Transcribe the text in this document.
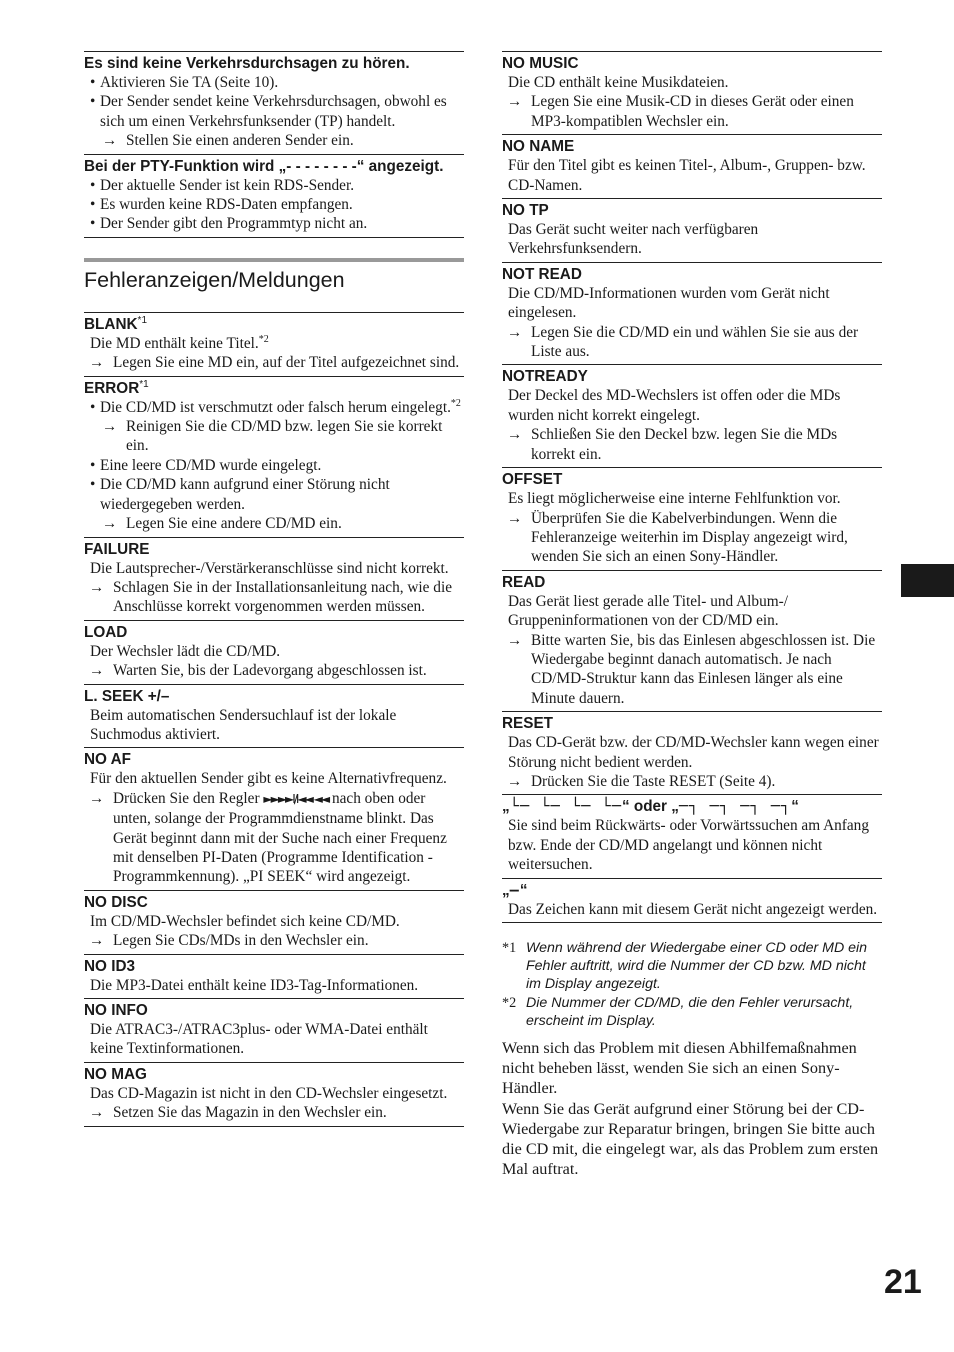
Es sind keine Verkehrsdurchsagen zu hören.
• Aktivieren Sie TA (Seite 10).
• Der Sender sendet keine Verkehrsdurchsagen, obwohl es sich um einen Verkehrsfunksender (TP) handelt.
→ Stellen Sie einen anderen Sender ein.
Bei der PTY-Funktion wird „- - - - - - - -“ angezeigt.
• Der aktuelle Sender ist kein RDS-Sender.
• Es wurden keine RDS-Daten empfangen.
• Der Sender gibt den Programmtyp nicht an.
Fehleranzeigen/Meldungen
BLANK$^{*1}$
Die MD enthält keine Titel.$^{*2}$
→ Legen Sie eine MD ein, auf der Titel aufgezeichnet sind.
ERROR$^{*1}$
• Die CD/MD ist verschmutzt oder falsch herum eingelegt.$^{*2}$
→ Reinigen Sie die CD/MD bzw. legen Sie sie korrekt ein.
• Eine leere CD/MD wurde eingelegt.
• Die CD/MD kann aufgrund einer Störung nicht wiedergegeben werden.
→ Legen Sie eine andere CD/MD ein.
FAILURE
Die Lautsprecher-/Verstärkeranschlüsse sind nicht korrekt.
→ Schlagen Sie in der Installationsanleitung nach, wie die Anschlüsse korrekt vorgenommen werden müssen.
LOAD
Der Wechsler lädt die CD/MD.
→ Warten Sie, bis der Ladevorgang abgeschlossen ist.
L. SEEK +/–
Beim automatischen Sendersuchlauf ist der lokale Suchmodus aktiviert.
NO AF
Für den aktuellen Sender gibt es keine Alternativfrequenz.
→ Drücken Sie den Regler ►►►►I/I◄◄ ◄◄ nach oben oder unten, solange der Programmdienstname blinkt. Das Gerät beginnt dann mit der Suche nach einer Frequenz mit denselben PI-Daten (Programme Identification - Programmkennung). „PI SEEK“ wird angezeigt.
NO DISC
Im CD/MD-Wechsler befindet sich keine CD/MD.
→ Legen Sie CDs/MDs in den Wechsler ein.
NO ID3
Die MP3-Datei enthält keine ID3-Tag-Informationen.
NO INFO
Die ATRAC3-/ATRAC3plus- oder WMA-Datei enthält keine Textinformationen.
NO MAG
Das CD-Magazin ist nicht in den CD-Wechsler eingesetzt.
→ Setzen Sie das Magazin in den Wechsler ein.
NO MUSIC
Die CD enthält keine Musikdateien.
→ Legen Sie eine Musik-CD in dieses Gerät oder einen MP3-kompatiblen Wechsler ein.
NO NAME
Für den Titel gibt es keinen Titel-, Album-, Gruppen- bzw. CD-Namen.
NO TP
Das Gerät sucht weiter nach verfügbaren Verkehrsfunksendern.
NOT READ
Die CD/MD-Informationen wurden vom Gerät nicht eingelesen.
→ Legen Sie die CD/MD ein und wählen Sie sie aus der Liste aus.
NOTREADY
Der Deckel des MD-Wechslers ist offen oder die MDs wurden nicht korrekt eingelegt.
→ Schließen Sie den Deckel bzw. legen Sie die MDs korrekt ein.
OFFSET
Es liegt möglicherweise eine interne Fehlfunktion vor.
→ Überprüfen Sie die Kabelverbindungen. Wenn die Fehleranzeige weiterhin im Display angezeigt wird, wenden Sie sich an einen Sony-Händler.
READ
Das Gerät liest gerade alle Titel- und Album-/ Gruppeninformationen von der CD/MD ein.
→ Bitte warten Sie, bis das Einlesen abgeschlossen ist. Die Wiedergabe beginnt danach automatisch. Je nach CD/MD-Struktur kann das Einlesen länger als eine Minute dauern.
RESET
Das CD-Gerät bzw. der CD/MD-Wechsler kann wegen einer Störung nicht bedient werden.
→ Drücken Sie die Taste RESET (Seite 4).
„└─ └─ └─ └─“ oder „─┐ ─┐ ─┐ ─┐“
Sie sind beim Rückwärts- oder Vorwärtssuchen am Anfang bzw. Ende der CD/MD angelangt und können nicht weitersuchen.
„—“
Das Zeichen kann mit diesem Gerät nicht angezeigt werden.
*1 Wenn während der Wiedergabe einer CD oder MD ein Fehler auftritt, wird die Nummer der CD bzw. MD nicht im Display angezeigt.
*2 Die Nummer der CD/MD, die den Fehler verursacht, erscheint im Display.
Wenn sich das Problem mit diesen Abhilfemaßnahmen nicht beheben lässt, wenden Sie sich an einen Sony-Händler.
Wenn Sie das Gerät aufgrund einer Störung bei der CD-Wiedergabe zur Reparatur bringen, bringen Sie bitte auch die CD mit, die eingelegt war, als das Problem zum ersten Mal auftrat.
21
